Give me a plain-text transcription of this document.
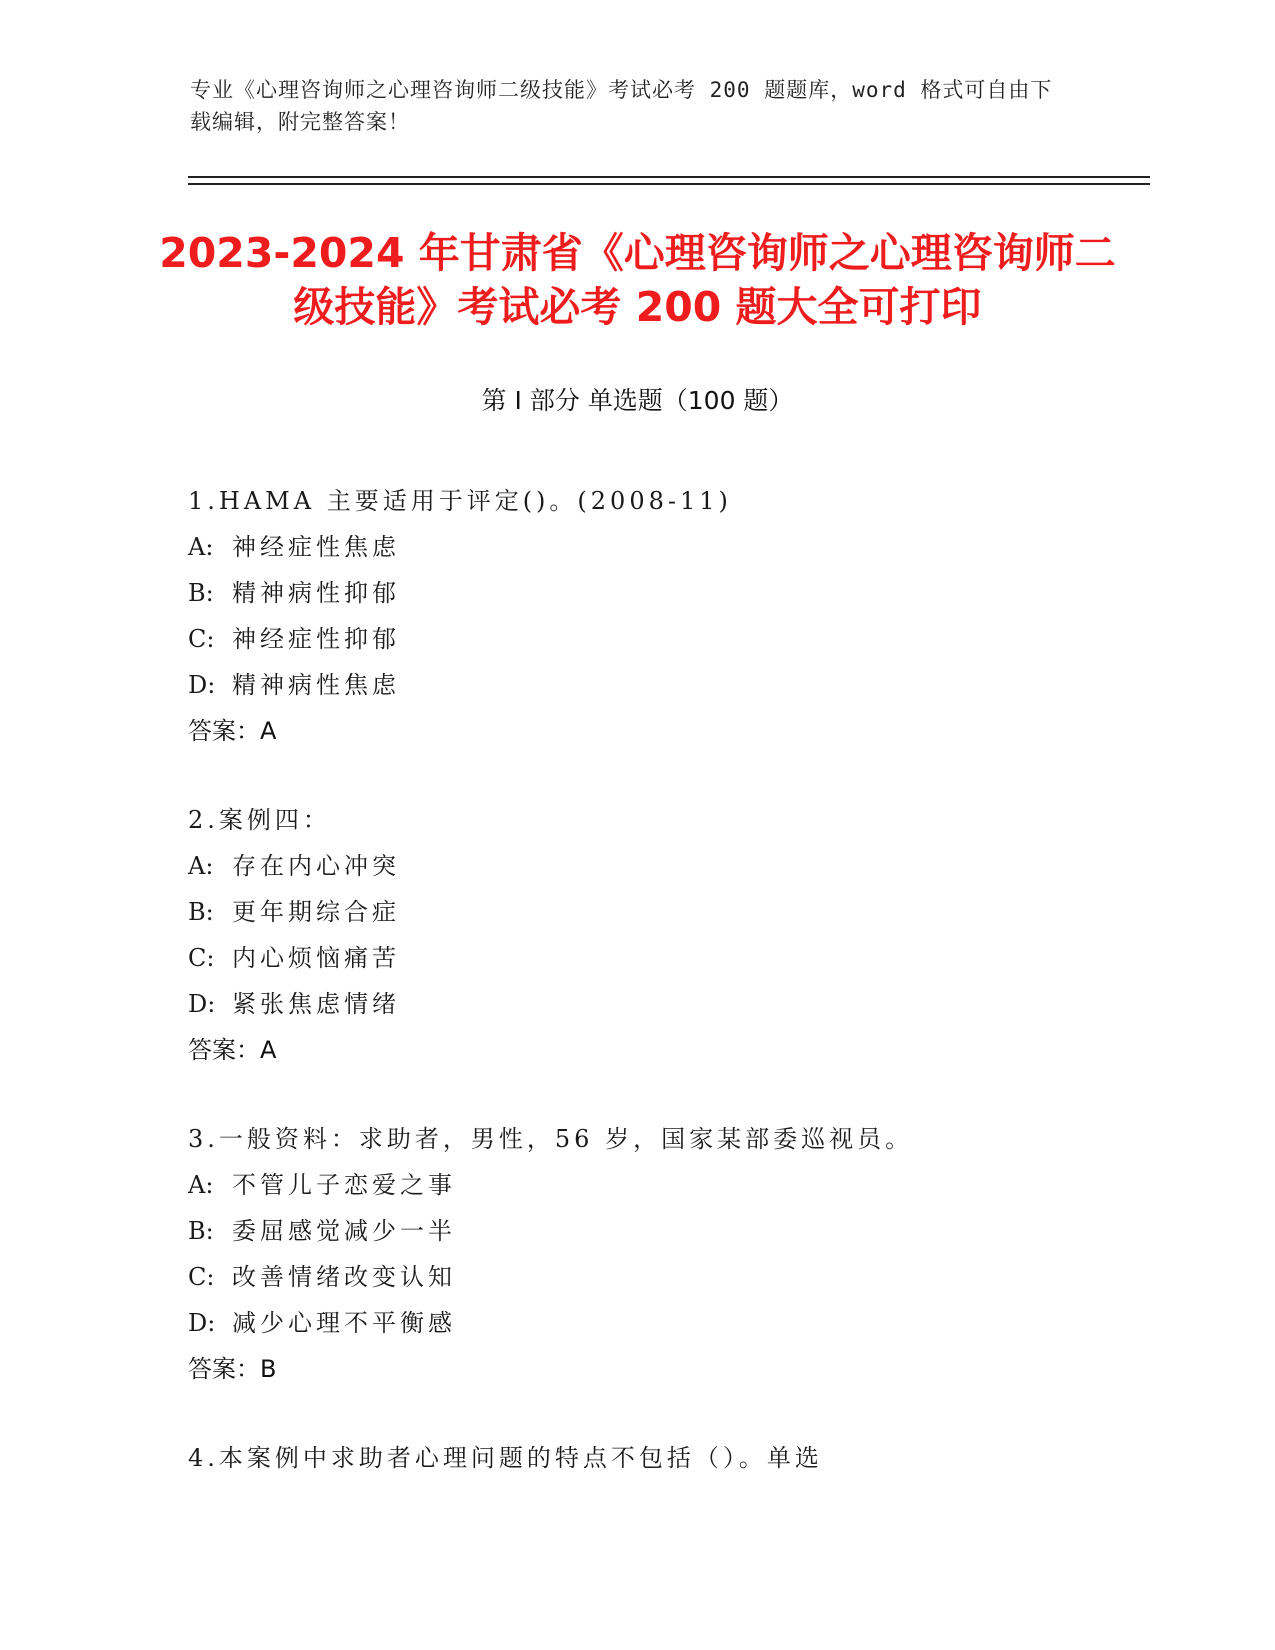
专业《心理咨询师之心理咨询师二级技能》考试必考 200 题题库，word 格式可自由下载编辑，附完整答案！
2023-2024 年甘肃省《心理咨询师之心理咨询师二级技能》考试必考 200 题大全可打印
第 I 部分 单选题（100 题）
1.HAMA 主要适用于评定()。(2008-11)
A: 神经症性焦虑
B: 精神病性抑郁
C: 神经症性抑郁
D: 精神病性焦虑
答案：A
2.案例四：
A: 存在内心冲突
B: 更年期综合症
C: 内心烦恼痛苦
D: 紧张焦虑情绪
答案：A
3.一般资料：求助者，男性，56 岁，国家某部委巡视员。
A: 不管儿子恋爱之事
B: 委屈感觉减少一半
C: 改善情绪改变认知
D: 减少心理不平衡感
答案：B
4.本案例中求助者心理问题的特点不包括（）。单选
